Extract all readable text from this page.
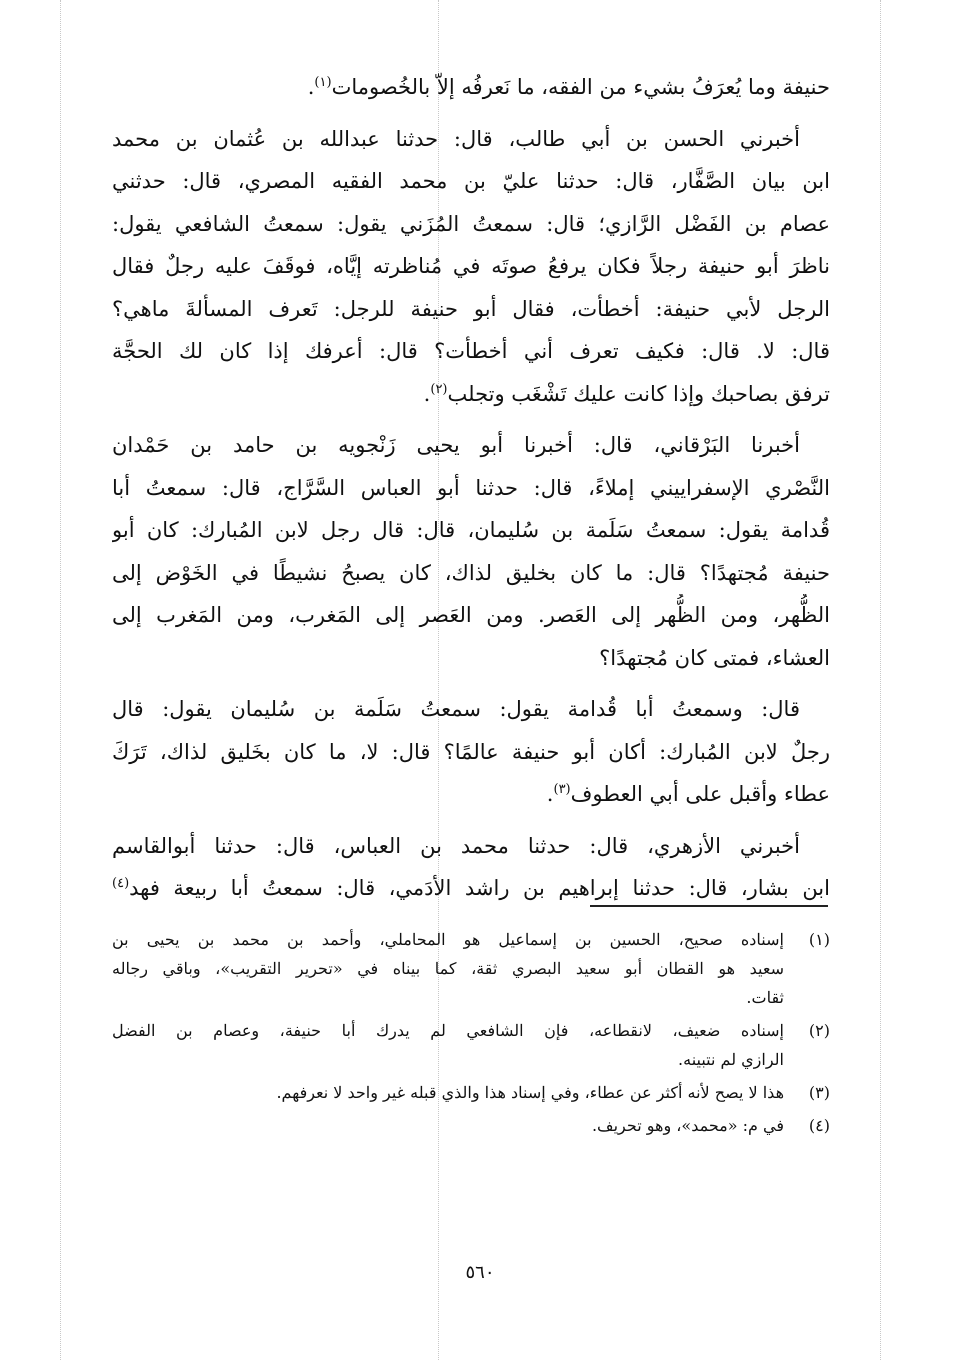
حنيفة وما يُعرَفُ بشيء من الفقه، ما نَعرفُه إلاّ بالخُصومات$^{(١)}$.

أخبرني الحسن بن أبي طالب، قال: حدثنا عبدالله بن عُثمان بن محمد
ابن بيان الصَّفَّار، قال: حدثنا عليّ بن محمد الفقيه المصري، قال: حدثني
عصام بن الفَضْل الرَّازي؛ قال: سمعتُ المُزَني يقول: سمعتُ الشافعي يقول:
ناظرَ أبو حنيفة رجلاً فكان يرفعُ صوتَه في مُناظرته إيَّاه، فوقَفَ عليه رجلٌ فقال
الرجل لأبي حنيفة: أخطأت، فقال أبو حنيفة للرجل: تَعرف المسألةَ ماهي؟
قال: لا. قال: فكيف تعرف أني أخطأت؟ قال: أعرفك إذا كان لك الحجَّة
ترفق بصاحبك وإذا كانت عليك تَشْغَب وتجلب$^{(٢)}$.

أخبرنا البَرْقاني، قال: أخبرنا أبو يحيى زَنْجويه بن حامد بن حَمْدان
النَّصْري الإسفراييني إملاءً، قال: حدثنا أبو العباس السَّرَّاج، قال: سمعتُ أبا
قُدامة يقول: سمعتُ سَلَمة بن سُليمان، قال: قال رجل لابن المُبارك: كان أبو
حنيفة مُجتهدًا؟ قال: ما كان بخليق لذاك، كان يصبحُ نشيطًا في الخَوْض إلى
الظُّهر، ومن الظُّهر إلى العَصر. ومن العَصر إلى المَغرب، ومن المَغرب إلى
العشاء، فمتى كان مُجتهدًا؟

قال: وسمعتُ أبا قُدامة يقول: سمعتُ سَلَمة بن سُليمان يقول: قال
رجلٌ لابن المُبارك: أكان أبو حنيفة عالمًا؟ قال: لا، ما كان بخَليق لذاك، تَرَكَ
عطاء وأقبل على أبي العطوف$^{(٣)}$.

أخبرني الأزهري، قال: حدثنا محمد بن العباس، قال: حدثنا أبوالقاسم
ابن بشار، قال: حدثنا إبراهيم بن راشد الأدَمي، قال: سمعتُ أبا ربيعة فهد$^{(٤)}$

(١)
إسناده صحيح، الحسين بن إسماعيل هو المحاملي، وأحمد بن محمد بن يحيى بن
سعيد هو القطان أبو سعيد البصري ثقة، كما بيناه في «تحرير التقريب»، وباقي رجاله
ثقات.
(٢)
إسناده ضعيف، لانقطاعه، فإن الشافعي لم يدرك أبا حنيفة، وعصام بن الفضل
الرازي لم نتبينه.
(٣)
هذا لا يصح لأنه أكثر عن عطاء، وفي إسناد هذا والذي قبله غير واحد لا نعرفهم.
(٤)
في م: «محمد»، وهو تحريف.
٥٦٠
